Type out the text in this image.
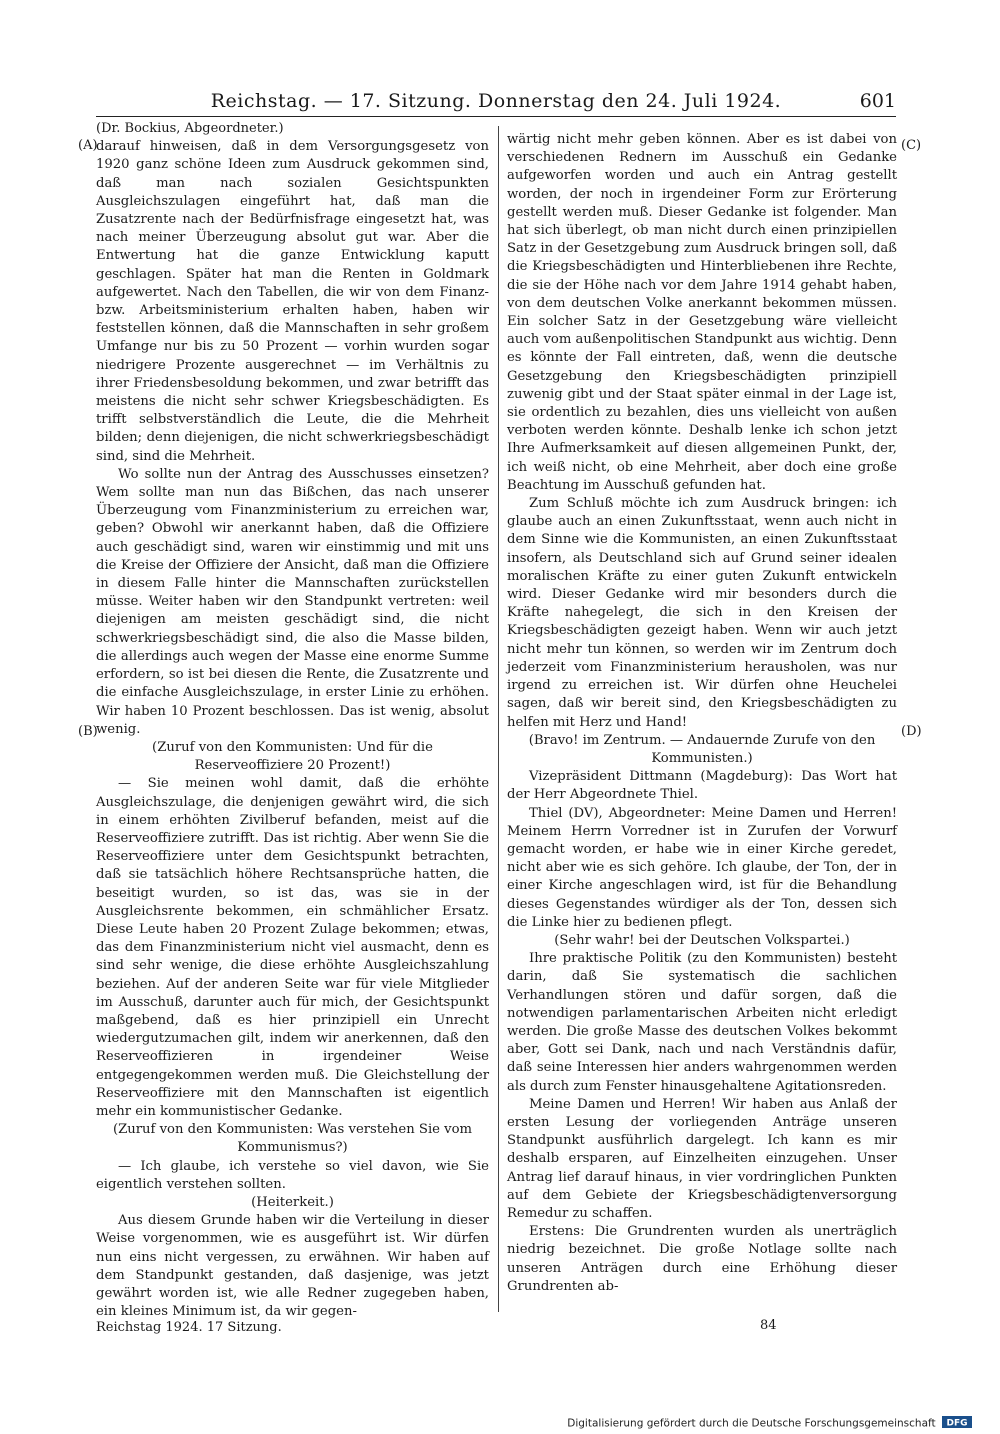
Reichstag. — 17. Sitzung. Donnerstag den 24. Juli 1924.	601
(A)
(B)
(C)
(D)

(Dr. Bockius, Abgeordneter.)

darauf hinweisen, daß in dem Versorgungsgesetz von 1920 ganz schöne Ideen zum Ausdruck gekommen sind, daß man nach sozialen Gesichtspunkten Ausgleichszulagen eingeführt hat, daß man die Zusatzrente nach der Bedürfnisfrage eingesetzt hat, was nach meiner Überzeugung absolut gut war. Aber die Entwertung hat die ganze Entwicklung kaputt geschlagen. Später hat man die Renten in Goldmark aufgewertet. Nach den Tabellen, die wir von dem Finanz- bzw. Arbeitsministerium erhalten haben, haben wir feststellen können, daß die Mannschaften in sehr großem Umfange nur bis zu 50 Prozent — vorhin wurden sogar niedrigere Prozente ausgerechnet — im Verhältnis zu ihrer Friedensbesoldung bekommen, und zwar betrifft das meistens die nicht sehr schwer Kriegsbeschädigten. Es trifft selbstverständlich die Leute, die die Mehrheit bilden; denn diejenigen, die nicht schwerkriegsbeschädigt sind, sind die Mehrheit.

Wo sollte nun der Antrag des Ausschusses einsetzen? Wem sollte man nun das Bißchen, das nach unserer Überzeugung vom Finanzministerium zu erreichen war, geben? Obwohl wir anerkannt haben, daß die Offiziere auch geschädigt sind, waren wir einstimmig und mit uns die Kreise der Offiziere der Ansicht, daß man die Offiziere in diesem Falle hinter die Mannschaften zurückstellen müsse. Weiter haben wir den Standpunkt vertreten: weil diejenigen am meisten geschädigt sind, die nicht schwerkriegsbeschädigt sind, die also die Masse bilden, die allerdings auch wegen der Masse eine enorme Summe erfordern, so ist bei diesen die Rente, die Zusatzrente und die einfache Ausgleichszulage, in erster Linie zu erhöhen. Wir haben 10 Prozent beschlossen. Das ist wenig, absolut wenig.

(Zuruf von den Kommunisten: Und für die Reserveoffiziere 20 Prozent!)

— Sie meinen wohl damit, daß die erhöhte Ausgleichszulage, die denjenigen gewährt wird, die sich in einem erhöhten Zivilberuf befanden, meist auf die Reserveoffiziere zutrifft. Das ist richtig. Aber wenn Sie die Reserveoffiziere unter dem Gesichtspunkt betrachten, daß sie tatsächlich höhere Rechtsansprüche hatten, die beseitigt wurden, so ist das, was sie in der Ausgleichsrente bekommen, ein schmählicher Ersatz. Diese Leute haben 20 Prozent Zulage bekommen; etwas, das dem Finanzministerium nicht viel ausmacht, denn es sind sehr wenige, die diese erhöhte Ausgleichszahlung beziehen. Auf der anderen Seite war für viele Mitglieder im Ausschuß, darunter auch für mich, der Gesichtspunkt maßgebend, daß es hier prinzipiell ein Unrecht wiedergutzumachen gilt, indem wir anerkennen, daß den Reserveoffizieren in irgendeiner Weise entgegengekommen werden muß. Die Gleichstellung der Reserveoffiziere mit den Mannschaften ist eigentlich mehr ein kommunistischer Gedanke.

(Zuruf von den Kommunisten: Was verstehen Sie vom Kommunismus?)

— Ich glaube, ich verstehe so viel davon, wie Sie eigentlich verstehen sollten.

(Heiterkeit.)

Aus diesem Grunde haben wir die Verteilung in dieser Weise vorgenommen, wie es ausgeführt ist. Wir dürfen nun eins nicht vergessen, zu erwähnen. Wir haben auf dem Standpunkt gestanden, daß dasjenige, was jetzt gewährt worden ist, wie alle Redner zugegeben haben, ein kleines Minimum ist, da wir gegen-

wärtig nicht mehr geben können. Aber es ist dabei von verschiedenen Rednern im Ausschuß ein Gedanke aufgeworfen worden und auch ein Antrag gestellt worden, der noch in irgendeiner Form zur Erörterung gestellt werden muß. Dieser Gedanke ist folgender. Man hat sich überlegt, ob man nicht durch einen prinzipiellen Satz in der Gesetzgebung zum Ausdruck bringen soll, daß die Kriegsbeschädigten und Hinterbliebenen ihre Rechte, die sie der Höhe nach vor dem Jahre 1914 gehabt haben, von dem deutschen Volke anerkannt bekommen müssen. Ein solcher Satz in der Gesetzgebung wäre vielleicht auch vom außenpolitischen Standpunkt aus wichtig. Denn es könnte der Fall eintreten, daß, wenn die deutsche Gesetzgebung den Kriegsbeschädigten prinzipiell zuwenig gibt und der Staat später einmal in der Lage ist, sie ordentlich zu bezahlen, dies uns vielleicht von außen verboten werden könnte. Deshalb lenke ich schon jetzt Ihre Aufmerksamkeit auf diesen allgemeinen Punkt, der, ich weiß nicht, ob eine Mehrheit, aber doch eine große Beachtung im Ausschuß gefunden hat.

Zum Schluß möchte ich zum Ausdruck bringen: ich glaube auch an einen Zukunftsstaat, wenn auch nicht in dem Sinne wie die Kommunisten, an einen Zukunftsstaat insofern, als Deutschland sich auf Grund seiner idealen moralischen Kräfte zu einer guten Zukunft entwickeln wird. Dieser Gedanke wird mir besonders durch die Kräfte nahegelegt, die sich in den Kreisen der Kriegsbeschädigten gezeigt haben. Wenn wir auch jetzt nicht mehr tun können, so werden wir im Zentrum doch jederzeit vom Finanzministerium herausholen, was nur irgend zu erreichen ist. Wir dürfen ohne Heuchelei sagen, daß wir bereit sind, den Kriegsbeschädigten zu helfen mit Herz und Hand!

(Bravo! im Zentrum. — Andauernde Zurufe von den Kommunisten.)

Vizepräsident Dittmann (Magdeburg): Das Wort hat der Herr Abgeordnete Thiel.

Thiel (DV), Abgeordneter: Meine Damen und Herren! Meinem Herrn Vorredner ist in Zurufen der Vorwurf gemacht worden, er habe wie in einer Kirche geredet, nicht aber wie es sich gehöre. Ich glaube, der Ton, der in einer Kirche angeschlagen wird, ist für die Behandlung dieses Gegenstandes würdiger als der Ton, dessen sich die Linke hier zu bedienen pflegt.

(Sehr wahr! bei der Deutschen Volkspartei.)

Ihre praktische Politik (zu den Kommunisten) besteht darin, daß Sie systematisch die sachlichen Verhandlungen stören und dafür sorgen, daß die notwendigen parlamentarischen Arbeiten nicht erledigt werden. Die große Masse des deutschen Volkes bekommt aber, Gott sei Dank, nach und nach Verständnis dafür, daß seine Interessen hier anders wahrgenommen werden als durch zum Fenster hinausgehaltene Agitationsreden.

Meine Damen und Herren! Wir haben aus Anlaß der ersten Lesung der vorliegenden Anträge unseren Standpunkt ausführlich dargelegt. Ich kann es mir deshalb ersparen, auf Einzelheiten einzugehen. Unser Antrag lief darauf hinaus, in vier vordringlichen Punkten auf dem Gebiete der Kriegsbeschädigtenversorgung Remedur zu schaffen.

Erstens: Die Grundrenten wurden als unerträglich niedrig bezeichnet. Die große Notlage sollte nach unseren Anträgen durch eine Erhöhung dieser Grundrenten ab-

Reichstag 1924. 17 Sitzung.	84
Digitalisierung gefördert durch die Deutsche Forschungsgemeinschaft DFG
